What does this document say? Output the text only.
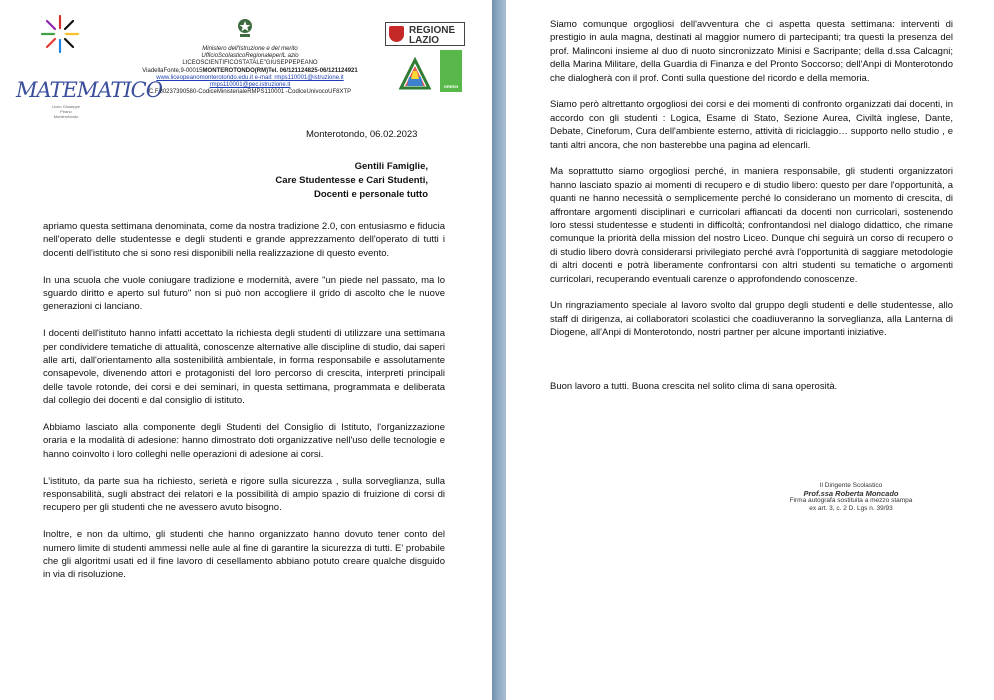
MATEMATICO
Liceo Giuseppe Peano Monterotondo
Ministero dell'Istruzione e del merito
UfficioScolasticoRegionaleperIL azio
LICEOSCIENTIFICOSTATALE"GIUSEPPEPEANO
ViadellaFonte,9-00015MONTEROTONDO(RM)Tel. 06/121124825-06/121124921
www.liceopeanomonterotondo.edu.it e-mail: rmps110001@istruzione.it
rmps110001@pec.istruzione.it
C.F.80237390580-CodiceMinisterialeRMPS110001 -CodiceUnivocoUF8XTP
REGIONE
LAZIO
GREEN
Monterotondo, 06.02.2023
Gentili Famiglie,
Care Studentesse e Cari Studenti,
Docenti e personale tutto

apriamo questa settimana denominata, come da nostra tradizione 2.0, con entusiasmo e fiducia nell'operato delle studentesse e degli studenti e grande apprezzamento dell'operato di tutti i docenti dell'istituto che si sono resi disponibili nella realizzazione di questo evento.

In una scuola che vuole coniugare tradizione e modernità, avere "un piede nel passato, ma lo sguardo diritto e aperto sul futuro" non si può non accogliere il grido di ascolto che le nuove generazioni ci lanciano.

I docenti dell'istituto hanno infatti accettato la richiesta degli studenti di utilizzare una settimana per condividere tematiche di attualità, conoscenze alternative alle discipline di studio, dai saperi alle arti, dall'orientamento alla sostenibilità ambientale, in forma responsabile e assolutamente consapevole, divenendo attori e protagonisti del loro percorso di crescita, interpreti principali delle tavole rotonde, dei corsi e dei seminari, in questa settimana, programmata e deliberata dal collegio dei docenti e dal consiglio di istituto.

Abbiamo lasciato alla componente degli Studenti del Consiglio di Istituto, l'organizzazione oraria e la modalità di adesione: hanno dimostrato doti organizzative nell'uso delle tecnologie e hanno coinvolto i loro colleghi nelle operazioni di adesione ai corsi.

L'istituto, da parte sua ha richiesto, serietà e rigore sulla sicurezza , sulla sorveglianza, sulla responsabilità, sugli abstract dei relatori e la possibilità di ampio spazio di fruizione di corsi di recupero per gli studenti che ne avessero avuto bisogno.

Inoltre, e non da ultimo, gli studenti che hanno organizzato hanno dovuto tener conto del numero limite di studenti ammessi nelle aule al fine di garantire la sicurezza di tutti. E' probabile che gli algoritmi usati ed il fine lavoro di cesellamento abbiano potuto creare qualche disguido in via di risoluzione.

Siamo comunque orgogliosi dell'avventura che ci aspetta questa settimana: interventi di prestigio in aula magna, destinati al maggior numero di partecipanti; tra questi la presenza del prof. Malinconi insieme al duo di nuoto sincronizzato Minisi e Sacripante; della d.ssa Calcagni; della Marina Militare, della Guardia di Finanza e del Pronto Soccorso; dell'Anpi di Monterotondo che dialogherà con il prof. Conti sulla questione del ricordo e della memoria.

Siamo però altrettanto orgogliosi dei corsi e dei momenti di confronto organizzati dai docenti, in accordo con gli studenti : Logica, Esame di Stato, Sezione Aurea, Civiltà inglese, Dante, Debate, Cineforum, Cura dell'ambiente esterno, attività di riciclaggio… supporto nello studio , e tanti altri ancora, che non basterebbe una pagina ad elencarli.

Ma soprattutto siamo orgogliosi perché, in maniera responsabile, gli studenti organizzatori hanno lasciato spazio ai momenti di recupero e di studio libero: questo per dare l'opportunità, a quanti ne hanno necessità o semplicemente perché lo considerano un momento di crescita, di affrontare argomenti disciplinari e curricolari affiancati da docenti non curricolari, sostenendo loro stessi studentesse e studenti in difficoltà; confrontandosi nel dialogo didattico, che rimane comunque la priorità della mission del nostro Liceo. Dunque chi seguirà un corso di recupero o di studio libero dovrà considerarsi privilegiato perché avrà l'opportunità di saggiare metodologie di altri docenti e potrà liberamente confrontarsi con altri studenti su tematiche o argomenti curricolari, recuperando eventuali carenze o approfondendo conoscenze.

Un ringraziamento speciale al lavoro svolto dal gruppo degli studenti e delle studentesse, allo staff di dirigenza, ai collaboratori scolastici che coadiuveranno la sorveglianza, alla Lanterna di Diogene, all'Anpi di Monterotondo, nostri partner per alcune importanti iniziative.

Buon lavoro a tutti. Buona crescita nel solito clima di sana operosità.

Il Dirigente Scolastico
Prof.ssa Roberta Moncado
Firma autografa sostituita a mezzo stampa
ex art. 3, c. 2 D. Lgs n. 39/93
